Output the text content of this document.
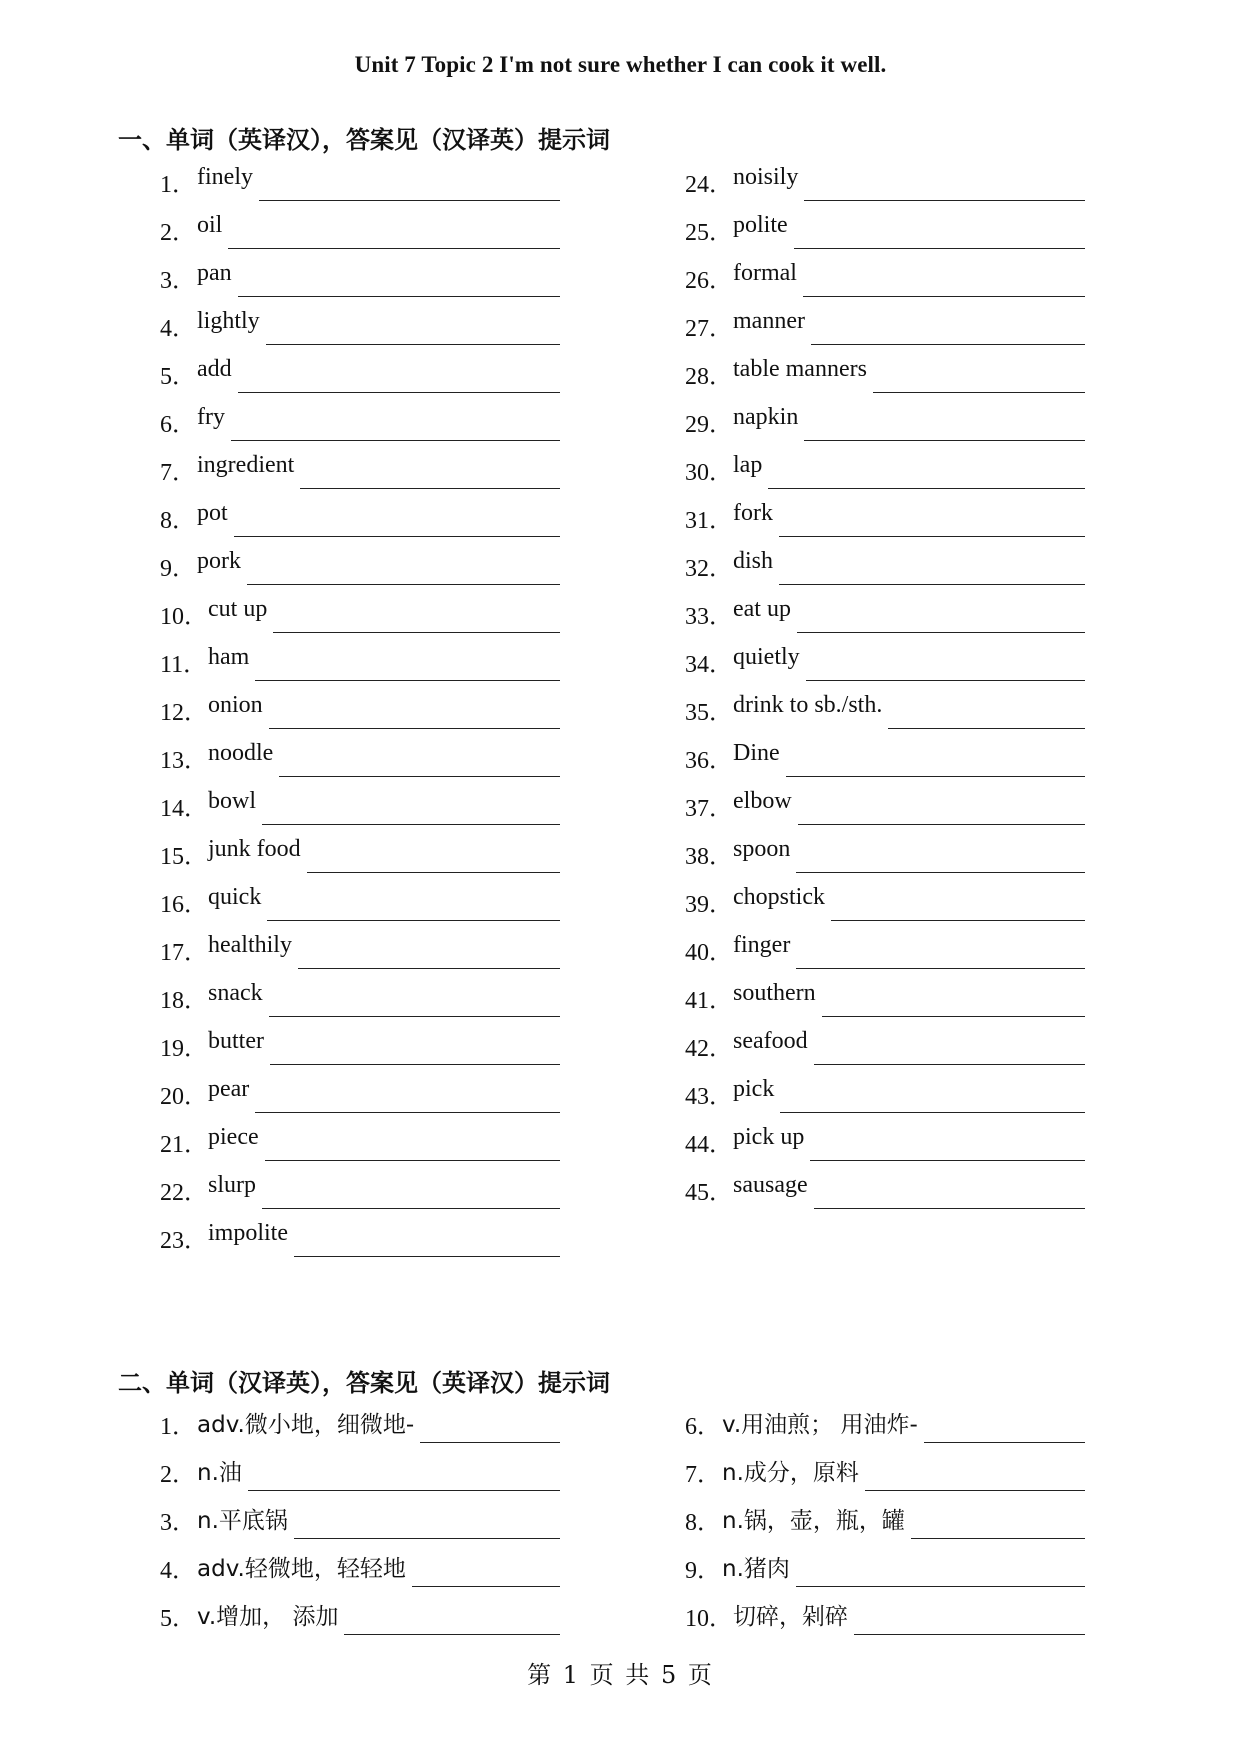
Unit 7 Topic 2 I'm not sure whether I can cook it well.
一、单词（英译汉），答案见（汉译英）提示词
1． finely
2． oil
3． pan
4． lightly
5． add
6． fry
7． ingredient
8． pot
9． pork
10． cut up
11． ham
12． onion
13． noodle
14． bowl
15． junk food
16． quick
17． healthily
18． snack
19． butter
20． pear
21． piece
22． slurp
23． impolite
24． noisily
25． polite
26． formal
27． manner
28． table manners
29． napkin
30． lap
31． fork
32． dish
33． eat up
34． quietly
35． drink to sb./sth.
36． Dine
37． elbow
38． spoon
39． chopstick
40． finger
41． southern
42． seafood
43． pick
44． pick up
45． sausage
二、单词（汉译英），答案见（英译汉）提示词
1． adv.微小地，细微地-
2． n.油
3． n.平底锅
4． adv.轻微地，轻轻地
5． v.增加， 添加
6． v.用油煎； 用油炸-
7． n.成分，原料
8． n.锅，壶，瓶，罐
9． n.猪肉
10． 切碎，剁碎
第 1 页 共 5 页
